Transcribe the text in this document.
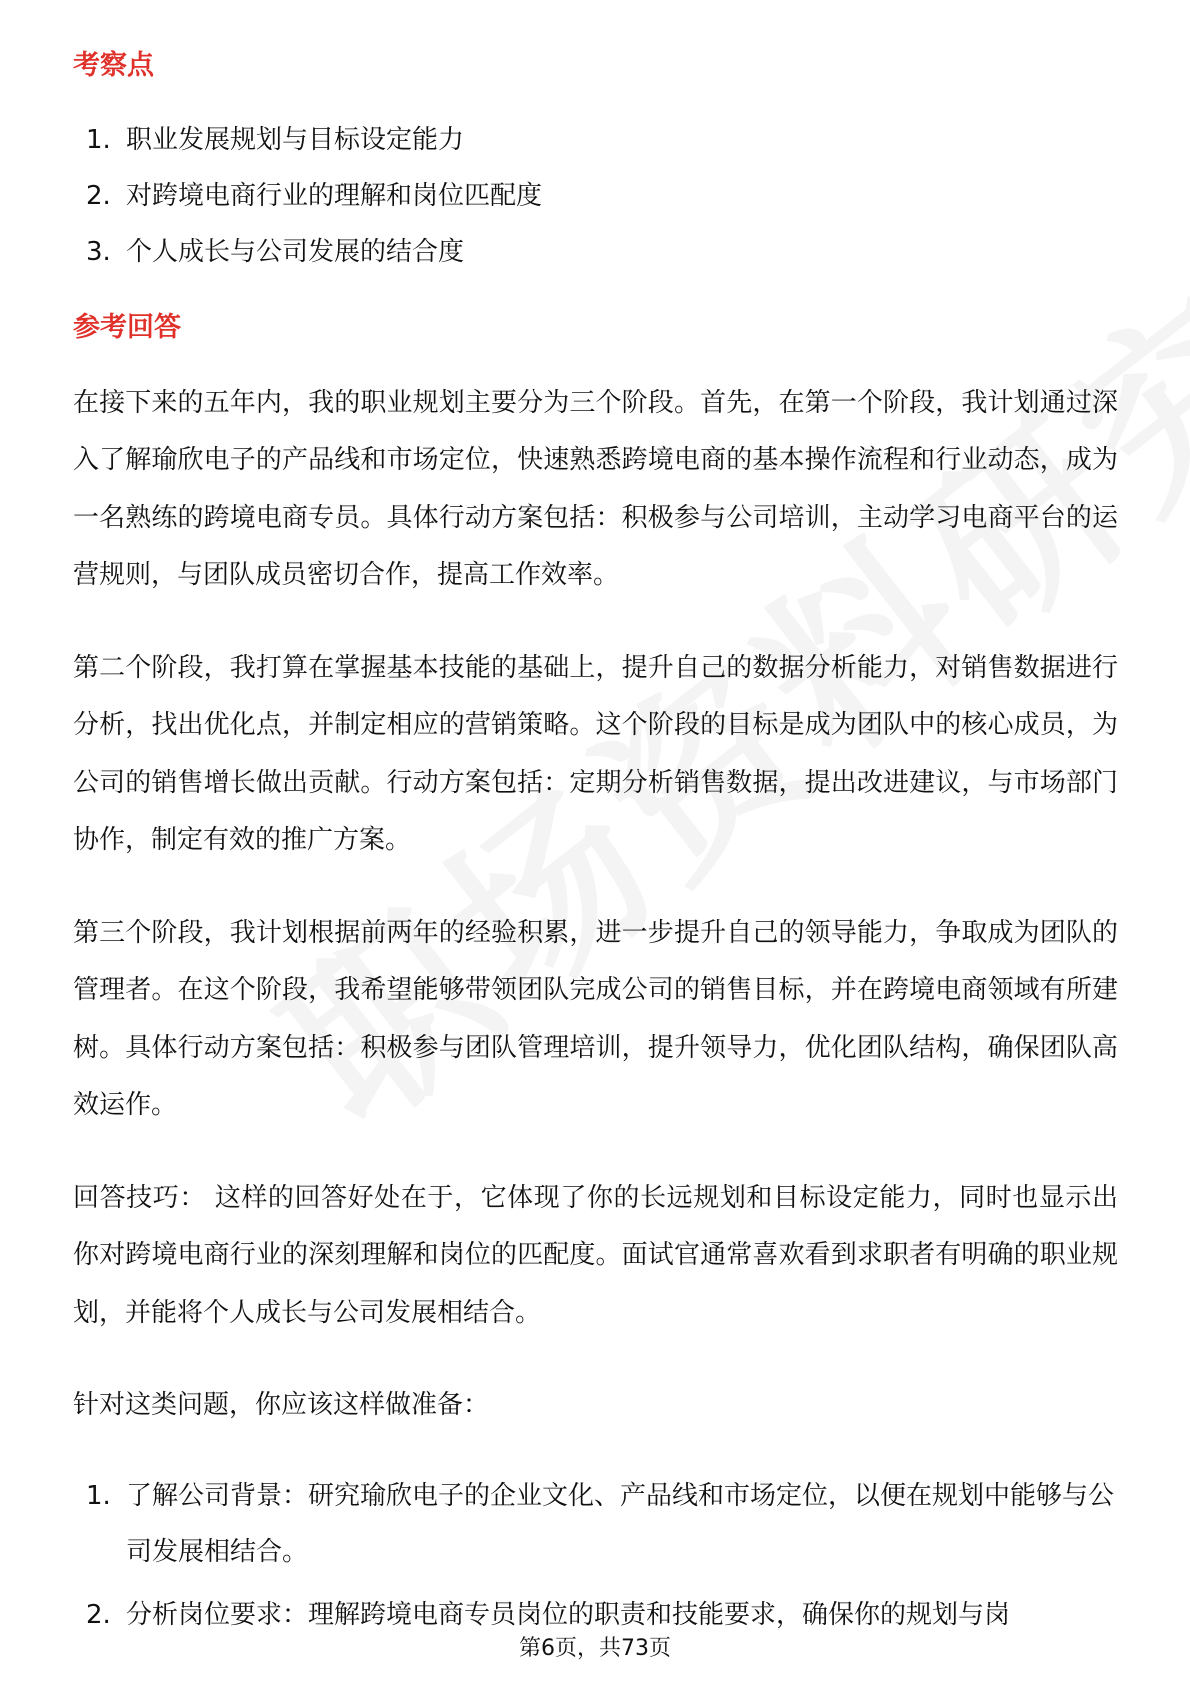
考察点
1. 职业发展规划与目标设定能力
2. 对跨境电商行业的理解和岗位匹配度
3. 个人成长与公司发展的结合度
参考回答

在接下来的五年内，我的职业规划主要分为三个阶段。首先，在第一个阶段，我计划通过深入了解瑜欣电子的产品线和市场定位，快速熟悉跨境电商的基本操作流程和行业动态，成为一名熟练的跨境电商专员。具体行动方案包括：积极参与公司培训，主动学习电商平台的运营规则，与团队成员密切合作，提高工作效率。

第二个阶段，我打算在掌握基本技能的基础上，提升自己的数据分析能力，对销售数据进行分析，找出优化点，并制定相应的营销策略。这个阶段的目标是成为团队中的核心成员，为公司的销售增长做出贡献。行动方案包括：定期分析销售数据，提出改进建议，与市场部门协作，制定有效的推广方案。

第三个阶段，我计划根据前两年的经验积累，进一步提升自己的领导能力，争取成为团队的管理者。在这个阶段，我希望能够带领团队完成公司的销售目标，并在跨境电商领域有所建树。具体行动方案包括：积极参与团队管理培训，提升领导力，优化团队结构，确保团队高效运作。

回答技巧： 这样的回答好处在于，它体现了你的长远规划和目标设定能力，同时也显示出你对跨境电商行业的深刻理解和岗位的匹配度。面试官通常喜欢看到求职者有明确的职业规划，并能将个人成长与公司发展相结合。

针对这类问题，你应该这样做准备：

1. 了解公司背景：研究瑜欣电子的企业文化、产品线和市场定位，以便在规划中能够与公司发展相结合。
2. 分析岗位要求：理解跨境电商专员岗位的职责和技能要求，确保你的规划与岗
第6页，共73页
